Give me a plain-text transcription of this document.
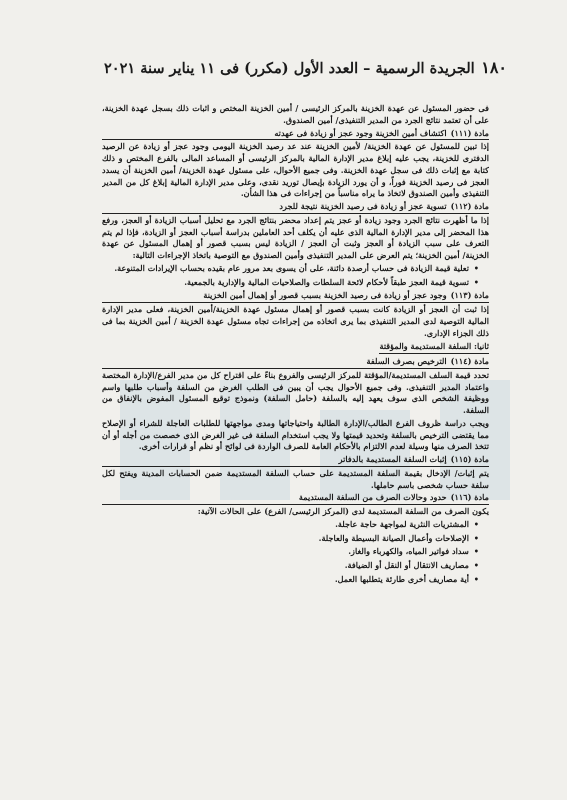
١٨٠
الجريدة الرسمية – العدد الأول (مكرر) فى ١١ يناير سنة ٢٠٢١

فى حضور المسئول عن عهدة الخزينة بالمركز الرئيسى / أمين الخزينة المختص و اثبات ذلك بسجل عهدة الخزينة، على أن تعتمد نتائج الجرد من المدير التنفيذى/ أمين الصندوق.

مادة (١١١)اكتشاف أمين الخزينة وجود عجز أو زيادة فى عهدته

إذا تبين للمسئول عن عهدة الخزينة/ لأمين الخزينة عند عد رصيد الخزينة اليومى وجود عجز أو زيادة عن الرصيد الدفترى للخزينة، يجب عليه إبلاغ مدير الإدارة المالية بالمركز الرئيسى أو المساعد المالى بالفرع المختص و ذلك كتابة مع إثبات ذلك فى سجل عهدة الخزينة. وفى جميع الأحوال، على مسئول عهدة الخزينة/ أمين الخزينة أن يسدد العجز فى رصيد الخزينة فوراً، و أن يورد الزيادة بإيصال توريد نقدى، وعلى مدير الإدارة المالية إبلاغ كل من المدير التنفيذى وأمين الصندوق لاتخاذ ما يراه مناسباً من إجراءات فى هذا الشأن.

مادة (١١٢)تسوية عجز أو زيادة فى رصيد الخزينة نتيجة للجرد

إذا ما أظهرت نتائج الجرد وجود زيادة أو عجز يتم إعداد محضر بنتائج الجرد مع تحليل أسباب الزيادة أو العجز، ورفع هذا المحضر إلى مدير الإدارة المالية الذى عليه أن يكلف أحد العاملين بدراسة أسباب العجز أو الزيادة، فإذا لم يتم التعرف على سبب الزيادة أو العجز وثبت أن العجز / الزيادة ليس بسبب قصور أو إهمال المسئول عن عهدة الخزينة/ أمين الخزينة؛ يتم العرض على المدير التنفيذى وأمين الصندوق مع التوصية باتخاذ الإجراءات التالية:

• تعلية قيمة الزيادة فى حساب أرصدة دائنة، على أن يسوى بعد مرور عام بقيده بحساب الإيرادات المتنوعة.
• تسوية قيمة العجز طبقاً لأحكام لائحة السلطات والصلاحيات المالية والإدارية بالجمعية.
مادة (١١٣)وجود عجز أو زيادة فى رصيد الخزينة بسبب قصور أو إهمال أمين الخزينة

إذا ثبت أن العجز أو الزيادة كانت بسبب قصور أو إهمال مسئول عهدة الخزينة/أمين الخزينة، فعلى مدير الإدارة المالية التوصية لدى المدير التنفيذى بما يرى اتخاذه من إجراءات تجاه مسئول عهدة الخزينة / أمين الخزينة بما فى ذلك الجزاء الإدارى.

ثانيا: السلفة المستديمة والمؤقتة
مادة (١١٤)الترخيص بصرف السلفة

تحدد قيمة السلف المستديمة/المؤقتة للمركز الرئيسى والفروع بناءً على اقتراح كل من مدير الفرع/الإدارة المختصة واعتماد المدير التنفيذى. وفى جميع الأحوال يجب أن يبين فى الطلب الغرض من السلفة وأسباب طلبها واسم ووظيفة الشخص الذى سوف يعهد إليه بالسلفة (حامل السلفة) ونموذج توقيع المسئول المفوض بالإنفاق من السلفة.

ويجب دراسة ظروف الفرع الطالب/الإدارة الطالبة واحتياجاتها ومدى مواجهتها للطلبات العاجلة للشراء أو الإصلاح مما يقتضى الترخيص بالسلفة وتحديد قيمتها ولا يجب استخدام السلفة فى غير الغرض الذى خصصت من أجله أو أن تتخذ الصرف منها وسيلة لعدم الالتزام بالأحكام العامة للصرف الواردة فى لوائح أو نظم أو قرارات أخرى.

مادة (١١٥)إثبات السلفة المستديمة بالدفاتر

يتم إثبات/ الإدخال بقيمة السلفة المستديمة على حساب السلفة المستديمة ضمن الحسابات المدينة ويفتح لكل سلفة حساب شخصى باسم حاملها.

مادة (١١٦)حدود وحالات الصرف من السلفة المستديمة

يكون الصرف من السلفة المستديمة لدى (المركز الرئيسى/ الفرع) على الحالات الآتية:

• المشتريات النثرية لمواجهة حاجة عاجلة.
• الإصلاحات وأعمال الصيانة البسيطة والعاجلة.
• سداد فواتير المياه، والكهرباء والغاز.
• مصاريف الانتقال أو النقل أو الضيافة.
• أية مصاريف أخرى طارئة يتطلبها العمل.
